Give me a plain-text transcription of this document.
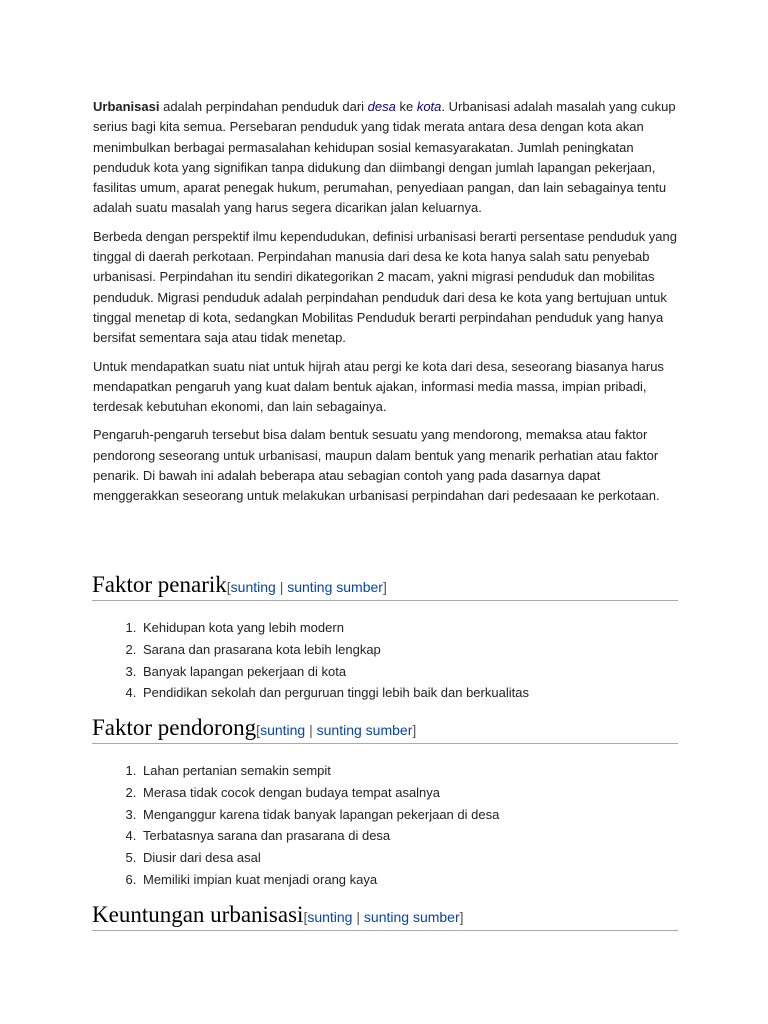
Urbanisasi adalah perpindahan penduduk dari desa ke kota. Urbanisasi adalah masalah yang cukup serius bagi kita semua. Persebaran penduduk yang tidak merata antara desa dengan kota akan menimbulkan berbagai permasalahan kehidupan sosial kemasyarakatan. Jumlah peningkatan penduduk kota yang signifikan tanpa didukung dan diimbangi dengan jumlah lapangan pekerjaan, fasilitas umum, aparat penegak hukum, perumahan, penyediaan pangan, dan lain sebagainya tentu adalah suatu masalah yang harus segera dicarikan jalan keluarnya.

Berbeda dengan perspektif ilmu kependudukan, definisi urbanisasi berarti persentase penduduk yang tinggal di daerah perkotaan. Perpindahan manusia dari desa ke kota hanya salah satu penyebab urbanisasi. Perpindahan itu sendiri dikategorikan 2 macam, yakni migrasi penduduk dan mobilitas penduduk. Migrasi penduduk adalah perpindahan penduduk dari desa ke kota yang bertujuan untuk tinggal menetap di kota, sedangkan Mobilitas Penduduk berarti perpindahan penduduk yang hanya bersifat sementara saja atau tidak menetap.

Untuk mendapatkan suatu niat untuk hijrah atau pergi ke kota dari desa, seseorang biasanya harus mendapatkan pengaruh yang kuat dalam bentuk ajakan, informasi media massa, impian pribadi, terdesak kebutuhan ekonomi, dan lain sebagainya.

Pengaruh-pengaruh tersebut bisa dalam bentuk sesuatu yang mendorong, memaksa atau faktor pendorong seseorang untuk urbanisasi, maupun dalam bentuk yang menarik perhatian atau faktor penarik. Di bawah ini adalah beberapa atau sebagian contoh yang pada dasarnya dapat menggerakkan seseorang untuk melakukan urbanisasi perpindahan dari pedesaaan ke perkotaan.

Faktor penarik[sunting | sunting sumber]
1. Kehidupan kota yang lebih modern
2. Sarana dan prasarana kota lebih lengkap
3. Banyak lapangan pekerjaan di kota
4. Pendidikan sekolah dan perguruan tinggi lebih baik dan berkualitas
Faktor pendorong[sunting | sunting sumber]
1. Lahan pertanian semakin sempit
2. Merasa tidak cocok dengan budaya tempat asalnya
3. Menganggur karena tidak banyak lapangan pekerjaan di desa
4. Terbatasnya sarana dan prasarana di desa
5. Diusir dari desa asal
6. Memiliki impian kuat menjadi orang kaya
Keuntungan urbanisasi[sunting | sunting sumber]
